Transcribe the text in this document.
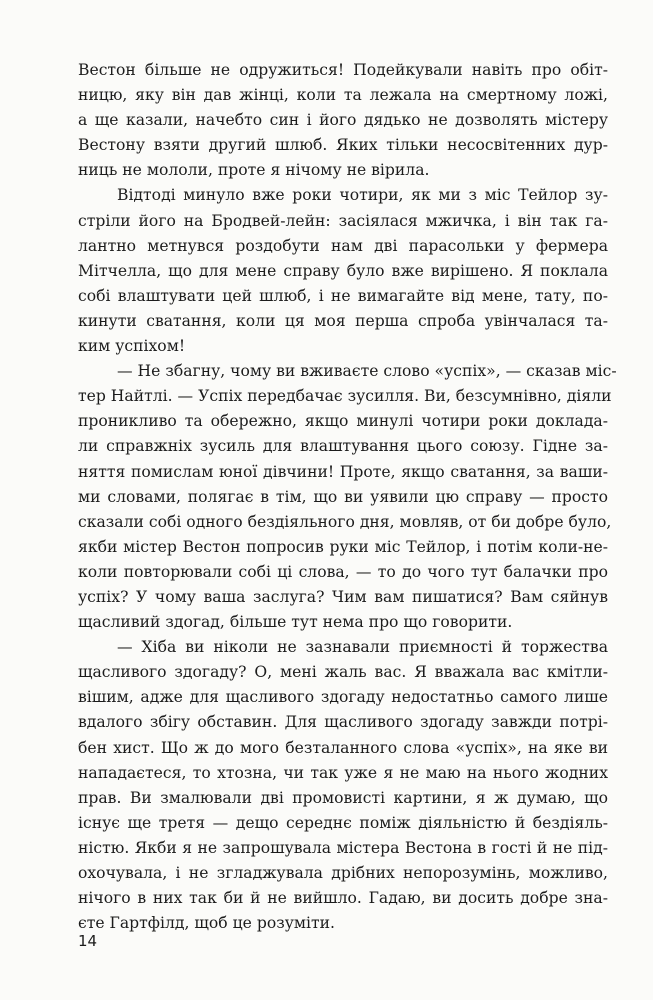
Вестон більше не одружиться! Подейкували навіть про обіт-
ницю, яку він дав жінці, коли та лежала на смертному ложі,
а ще казали, начебто син і його дядько не дозволять містеру
Вестону взяти другий шлюб. Яких тільки несосвітенних дур-
ниць не мололи, проте я нічому не вірила.
Відтоді минуло вже роки чотири, як ми з міс Тейлор зу-
стріли його на Бродвей-лейн: засіялася мжичка, і він так га-
лантно метнувся роздобути нам дві парасольки у фермера
Мітчелла, що для мене справу було вже вирішено. Я поклала
собі влаштувати цей шлюб, і не вимагайте від мене, тату, по-
кинути сватання, коли ця моя перша спроба увінчалася та-
ким успіхом!
— Не збагну, чому ви вживаєте слово «успіх», — сказав міс-
тер Найтлі. — Успіх передбачає зусилля. Ви, безсумнівно, діяли
проникливо та обережно, якщо минулі чотири роки доклада-
ли справжніх зусиль для влаштування цього союзу. Гідне за-
няття помислам юної дівчини! Проте, якщо сватання, за ваши-
ми словами, полягає в тім, що ви уявили цю справу — просто
сказали собі одного бездіяльного дня, мовляв, от би добре було,
якби містер Вестон попросив руки міс Тейлор, і потім коли-не-
коли повторювали собі ці слова, — то до чого тут балачки про
успіх? У чому ваша заслуга? Чим вам пишатися? Вам сяйнув
щасливий здогад, більше тут нема про що говорити.
— Хіба ви ніколи не зазнавали приємності й торжества
щасливого здогаду? О, мені жаль вас. Я вважала вас кмітли-
вішим, адже для щасливого здогаду недостатньо самого лише
вдалого збігу обставин. Для щасливого здогаду завжди потрі-
бен хист. Що ж до мого безталанного слова «успіх», на яке ви
нападаєтеся, то хтозна, чи так уже я не маю на нього жодних
прав. Ви змалювали дві промовисті картини, я ж думаю, що
існує ще третя — дещо середнє поміж діяльністю й бездіяль-
ністю. Якби я не запрошувала містера Вестона в гості й не під-
охочувала, і не згладжувала дрібних непорозумінь, можливо,
нічого в них так би й не вийшло. Гадаю, ви досить добре зна-
єте Гартфілд, щоб це розуміти.
14
